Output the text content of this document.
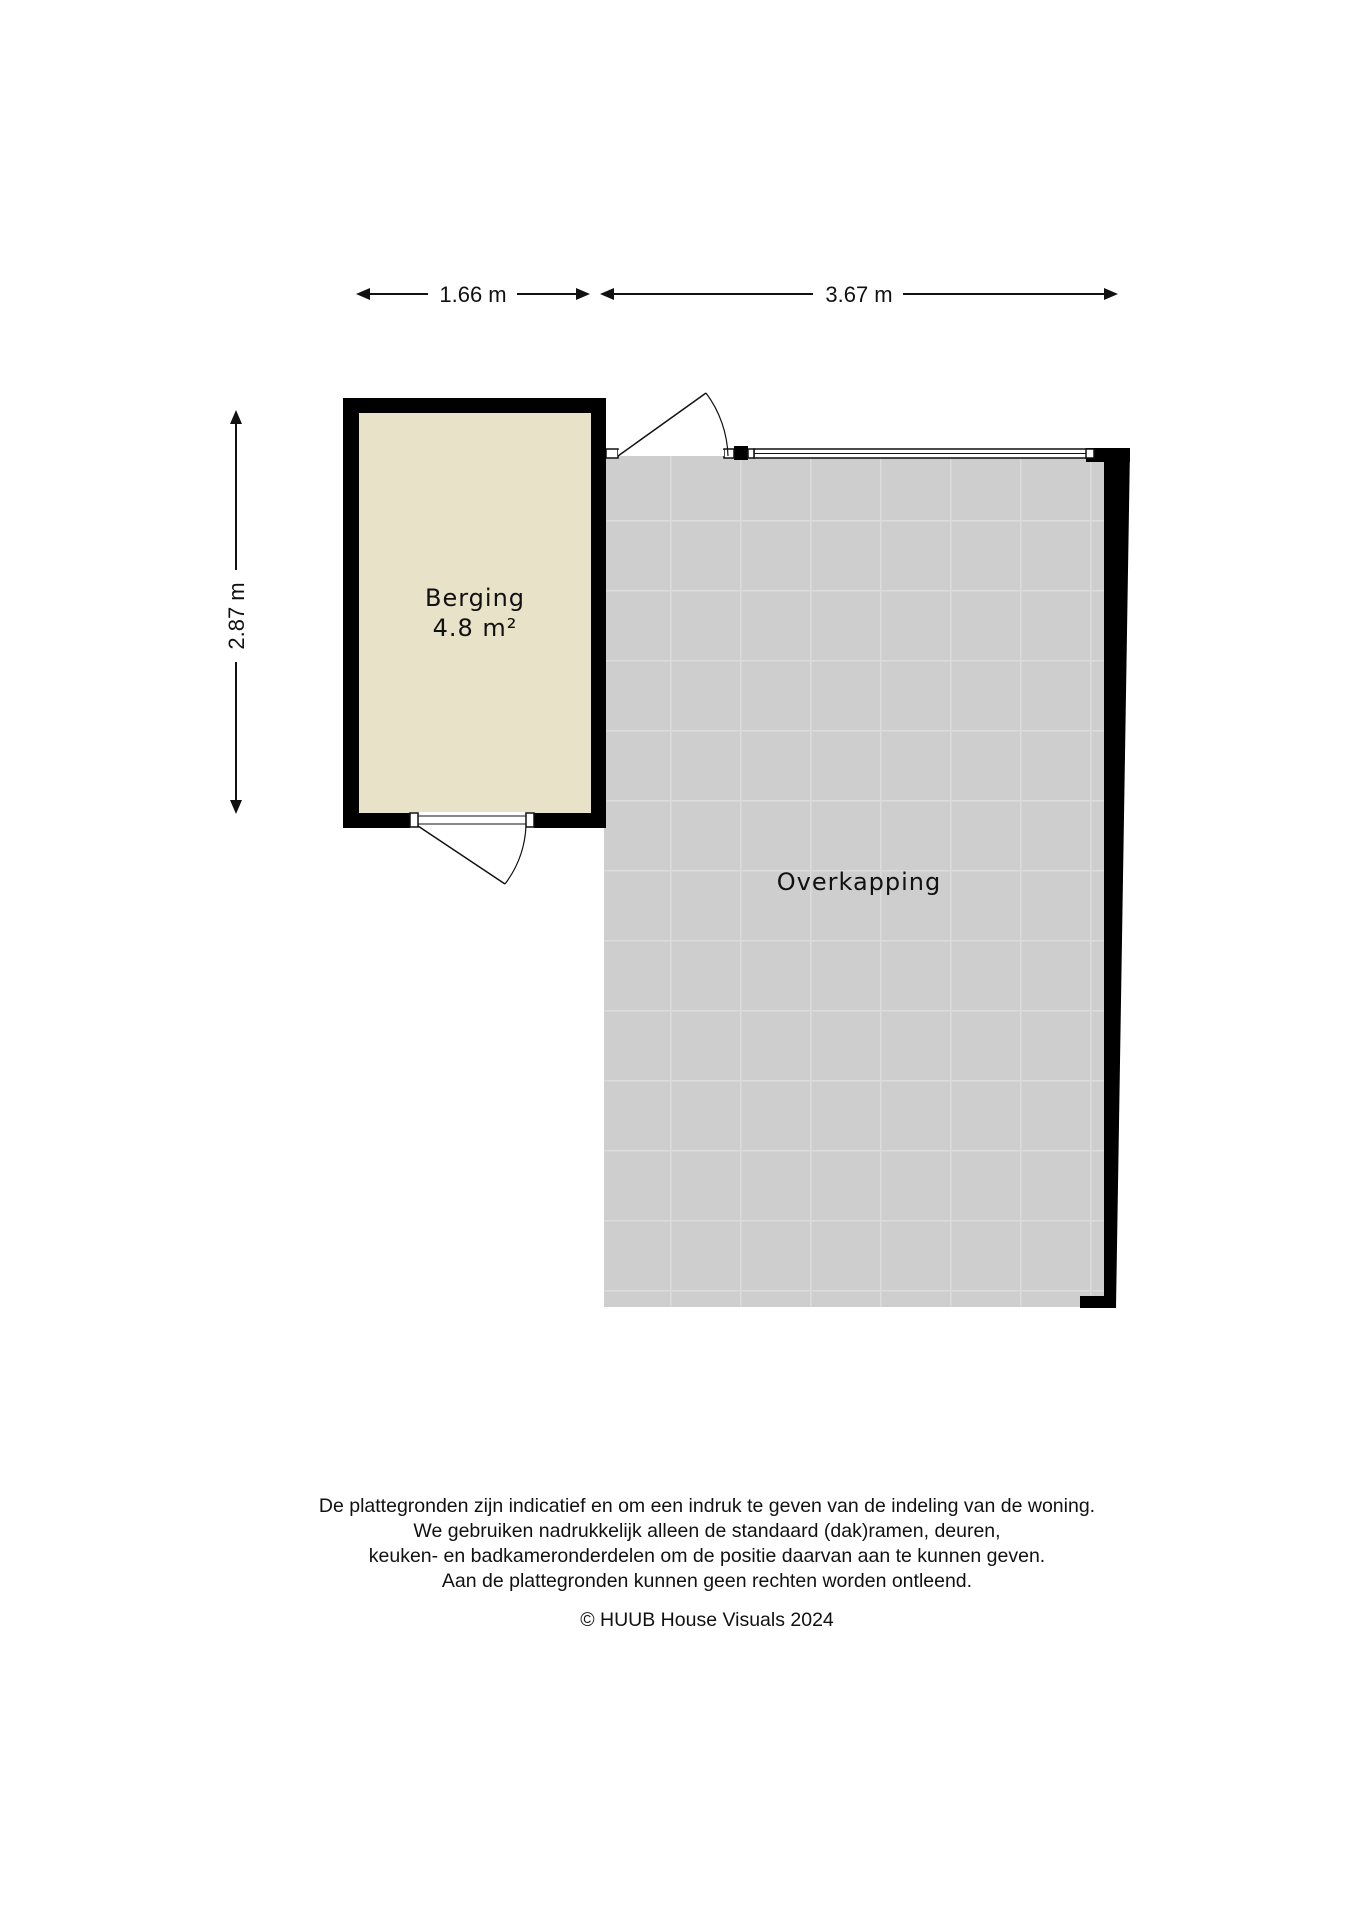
1.66 m	3.67 m
2.87 m	Berging
4.8 m²
Overkapping

De plattegronden zijn indicatief en om een indruk te geven van de indeling van de woning.

We gebruiken nadrukkelijk alleen de standaard (dak)ramen, deuren,

keuken- en badkameronderdelen om de positie daarvan aan te kunnen geven.

Aan de plattegronden kunnen geen rechten worden ontleend.

© HUUB House Visuals 2024
